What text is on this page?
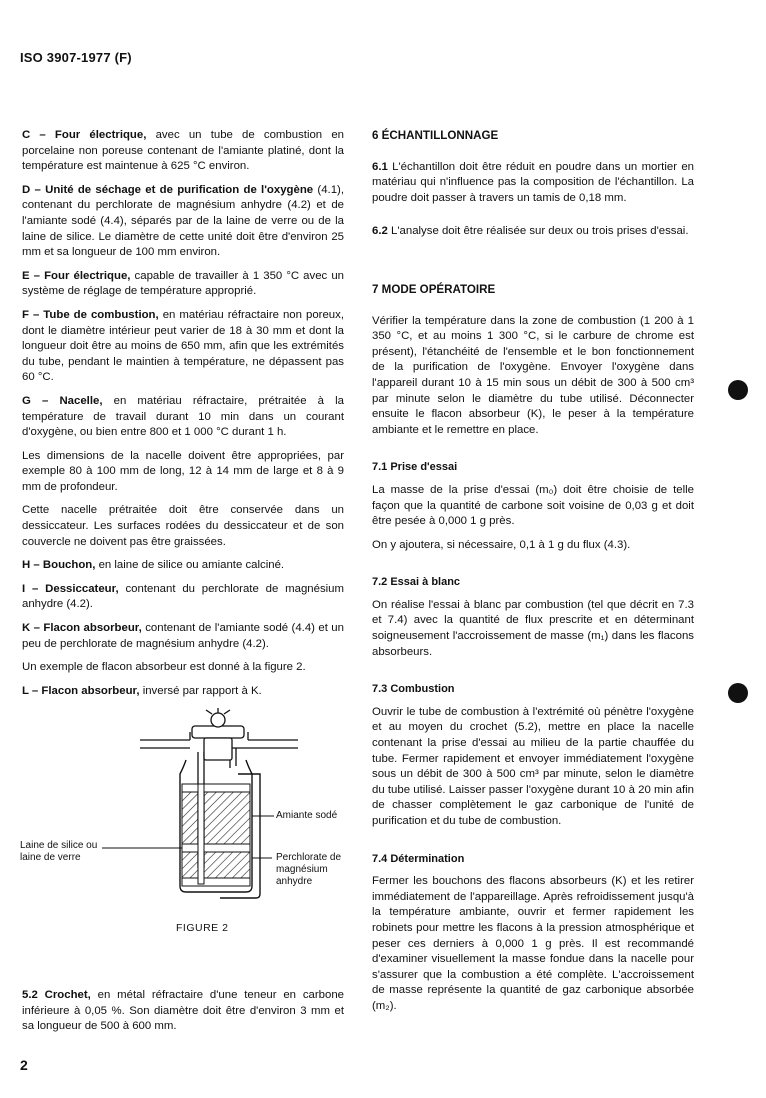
ISO 3907-1977 (F)

C – Four électrique, avec un tube de combustion en porcelaine non poreuse contenant de l'amiante platiné, dont la température est maintenue à 625 °C environ.

D – Unité de séchage et de purification de l'oxygène (4.1), contenant du perchlorate de magnésium anhydre (4.2) et de l'amiante sodé (4.4), séparés par de la laine de verre ou de la laine de silice. Le diamètre de cette unité doit être d'environ 25 mm et sa longueur de 100 mm environ.

E – Four électrique, capable de travailler à 1 350 °C avec un système de réglage de température approprié.

F – Tube de combustion, en matériau réfractaire non poreux, dont le diamètre intérieur peut varier de 18 à 30 mm et dont la longueur doit être au moins de 650 mm, afin que les extrémités du tube, pendant le maintien à température, ne dépassent pas 60 °C.

G – Nacelle, en matériau réfractaire, prétraitée à la température de travail durant 10 min dans un courant d'oxygène, ou bien entre 800 et 1 000 °C durant 1 h.

Les dimensions de la nacelle doivent être appropriées, par exemple 80 à 100 mm de long, 12 à 14 mm de large et 8 à 9 mm de profondeur.

Cette nacelle prétraitée doit être conservée dans un dessiccateur. Les surfaces rodées du dessiccateur et de son couvercle ne doivent pas être graissées.

H – Bouchon, en laine de silice ou amiante calciné.

I – Dessiccateur, contenant du perchlorate de magnésium anhydre (4.2).

K – Flacon absorbeur, contenant de l'amiante sodé (4.4) et un peu de perchlorate de magnésium anhydre (4.2).

Un exemple de flacon absorbeur est donné à la figure 2.

L – Flacon absorbeur, inversé par rapport à K.

Amiante sodé
Laine de silice ou
laine de verre	Perchlorate de
magnésium anhydre
FIGURE 2
5.2 Crochet, en métal réfractaire d'une teneur en carbone inférieure à 0,05 %. Son diamètre doit être d'environ 3 mm et sa longueur de 500 à 600 mm.
6 ÉCHANTILLONNAGE

6.1 L'échantillon doit être réduit en poudre dans un mortier en matériau qui n'influence pas la composition de l'échantillon. La poudre doit passer à travers un tamis de 0,18 mm.

6.2 L'analyse doit être réalisée sur deux ou trois prises d'essai.

7 MODE OPÉRATOIRE

Vérifier la température dans la zone de combustion (1 200 à 1 350 °C, et au moins 1 300 °C, si le carbure de chrome est présent), l'étanchéité de l'ensemble et le bon fonctionnement de la purification de l'oxygène. Envoyer l'oxygène dans l'appareil durant 10 à 15 min sous un débit de 300 à 500 cm³ par minute selon le diamètre du tube utilisé. Déconnecter ensuite le flacon absorbeur (K), le peser à la température ambiante et le remettre en place.

7.1 Prise d'essai

La masse de la prise d'essai (m₀) doit être choisie de telle façon que la quantité de carbone soit voisine de 0,03 g et doit être pesée à 0,000 1 g près.

On y ajoutera, si nécessaire, 0,1 à 1 g du flux (4.3).

7.2 Essai à blanc

On réalise l'essai à blanc par combustion (tel que décrit en 7.3 et 7.4) avec la quantité de flux prescrite et en déterminant soigneusement l'accroissement de masse (m₁) dans les flacons absorbeurs.

7.3 Combustion

Ouvrir le tube de combustion à l'extrémité où pénètre l'oxygène et au moyen du crochet (5.2), mettre en place la nacelle contenant la prise d'essai au milieu de la partie chauffée du tube. Fermer rapidement et envoyer immédiatement l'oxygène sous un débit de 300 à 500 cm³ par minute, selon le diamètre du tube utilisé. Laisser passer l'oxygène durant 10 à 20 min afin de chasser complètement le gaz carbonique de l'unité de purification et du tube de combustion.

7.4 Détermination

Fermer les bouchons des flacons absorbeurs (K) et les retirer immédiatement de l'appareillage. Après refroidissement jusqu'à la température ambiante, ouvrir et fermer rapidement les robinets pour mettre les flacons à la pression atmosphérique et peser ces derniers à 0,000 1 g près. Il est recommandé d'examiner visuellement la masse fondue dans la nacelle pour s'assurer que la combustion a été complète. L'accroissement de masse représente la quantité de gaz carbonique absorbée (m₂).

2
